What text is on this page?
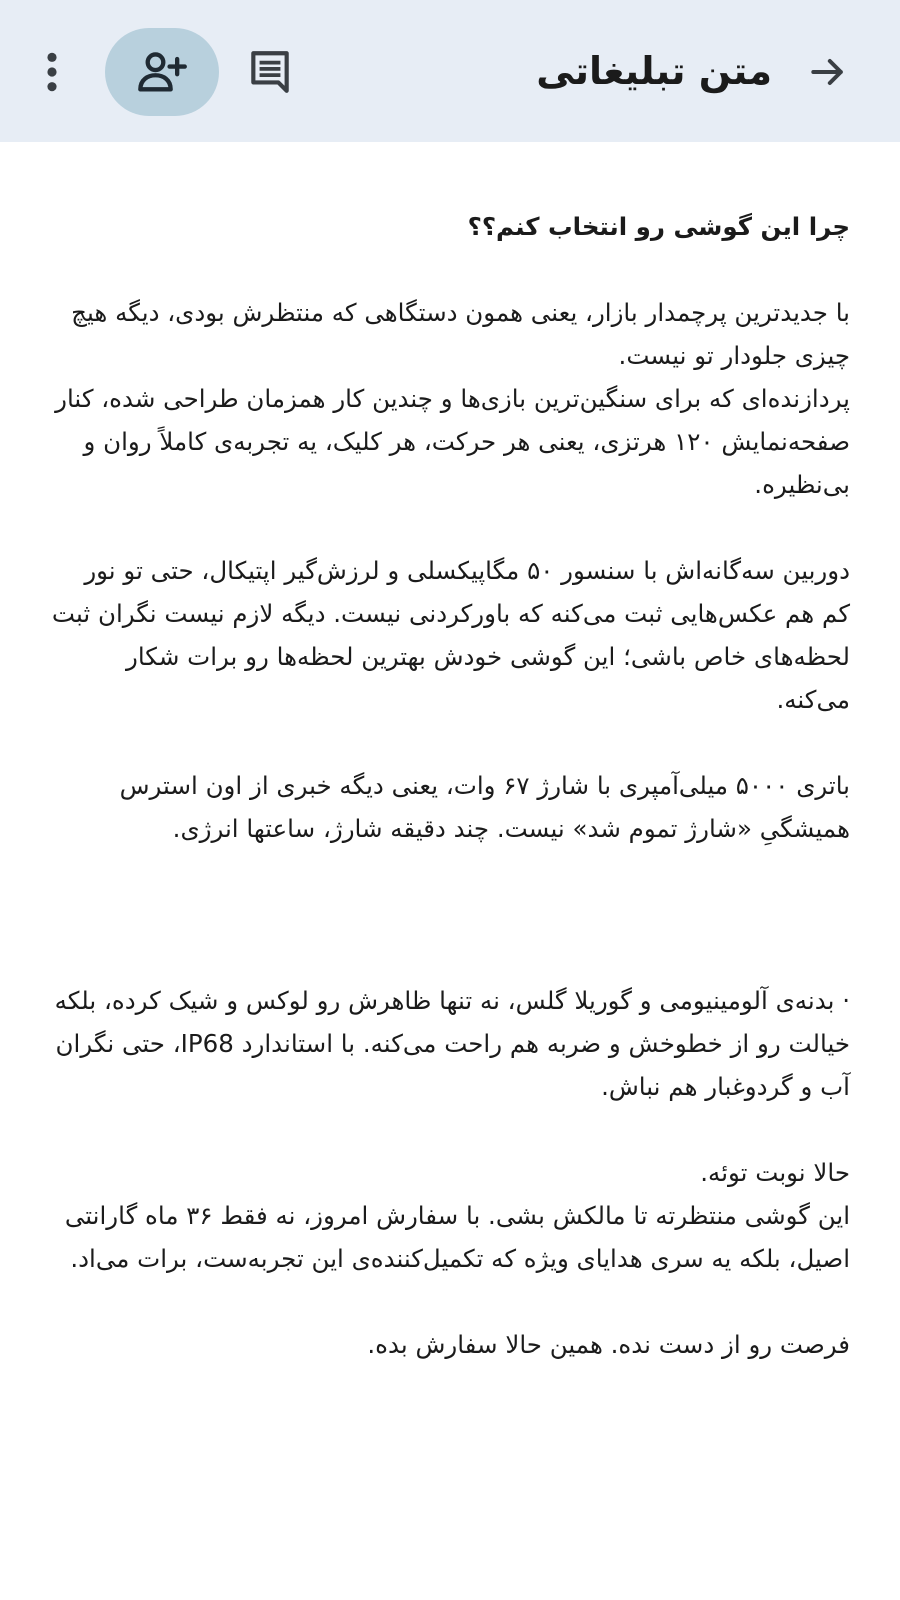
متن تبلیغاتی

چرا این گوشی رو انتخاب کنم؟؟

با جدیدترین پرچمدار بازار، یعنی همون دستگاهی که منتظرش بودی، دیگه هیچ چیزی جلودار تو نیست.

پردازنده‌ای که برای سنگین‌ترین بازی‌ها و چندین کار همزمان طراحی شده، کنار صفحه‌نمایش ۱۲۰ هرتزی، یعنی هر حرکت، هر کلیک، یه تجربه‌ی کاملاً روان و بی‌نظیره.

دوربین سه‌گانه‌اش با سنسور ۵۰ مگاپیکسلی و لرزش‌گیر اپتیکال، حتی تو نور کم هم عکس‌هایی ثبت می‌کنه که باورکردنی نیست. دیگه لازم نیست نگران ثبت لحظه‌های خاص باشی؛ این گوشی خودش بهترین لحظه‌ها رو برات شکار می‌کنه.

باتری ۵۰۰۰ میلی‌آمپری با شارژ ۶۷ وات، یعنی دیگه خبری از اون استرس همیشگیِ «شارژ تموم شد» نیست. چند دقیقه شارژ، ساعتها انرژی.

· بدنه‌ی آلومینیومی و گوریلا گلس، نه تنها ظاهرش رو لوکس و شیک کرده، بلکه خیالت رو از خطوخش و ضربه هم راحت می‌کنه. با استاندارد IP68، حتی نگران آب و گردوغبار هم نباش.

حالا نوبت توئه.

این گوشی منتظرته تا مالکش بشی. با سفارش امروز، نه فقط ۳۶ ماه گارانتی اصیل، بلکه یه سری هدایای ویژه که تکمیل‌کننده‌ی این تجربه‌ست، برات می‌اد.

فرصت رو از دست نده. همین حالا سفارش بده.
